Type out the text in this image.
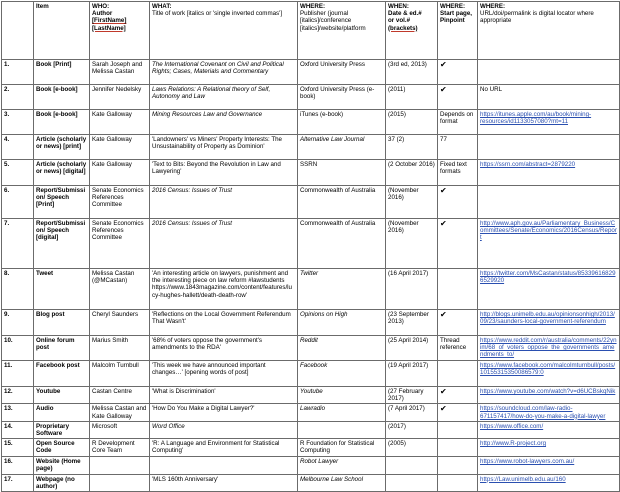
	Item	WHO:
Author
[FirstName]
[LastName]	WHAT:
Title of work [italics or 'single inverted commas']	WHERE:
Publisher (journal [italics]/conference [italics]/website/platform	WHEN:
Date & ed.#
or vol.#
(brackets)	WHERE:
Start page,
Pinpoint	WHERE:
URL/doi/permalink is digital locator where appropriate

1.	Book [Print]	Sarah Joseph and Melissa Castan	The International Covenant on Civil and Political Rights; Cases, Materials and Commentary	Oxford University Press	(3rd ed, 2013)	✔	
2.	Book [e-book]	Jennifer Nedelsky	Laws Relations: A Relational theory of Self, Autonomy and Law	Oxford University Press (e-book)	(2011)	✔	No URL
3.	Book [e-book]	Kate Galloway	Mining Resources Law and Governance	iTunes (e-book)	(2015)	Depends on format	https://itunes.apple.com/au/book/mining-resources/id1133057080?mt=11
4.	Article (scholarly or news) [print]	Kate Galloway	'Landowners' vs Miners' Property Interests: The Unsustainability of Property as Dominion'	Alternative Law Journal	37 (2)	77	
5.	Article (scholarly or news) [digital]	Kate Galloway	'Text to Bits: Beyond the Revolution in Law and Lawyering'	SSRN	(2 October 2016)	Fixed text formats	https://ssrn.com/abstract=2879220
6.	Report/Submission/ Speech [Print]	Senate Economics References Committee	2016 Census: Issues of Trust	Commonwealth of Australia	(November 2016)	✔	
7.	Report/Submission/ Speech [digital]	Senate Economics References Committee	2016 Census: Issues of Trust	Commonwealth of Australia	(November 2016)	✔	http://www.aph.gov.au/Parliamentary_Business/Committees/Senate/Economics/2016Census/Report
8.	Tweet	Melissa Castan (@MCastan)	'An interesting article on lawyers, punishment and the interesting piece on law reform #lawstudents https://www.1843magazine.com/content/features/lucy-hughes-hallett/death-death-row'	Twitter	(16 April 2017)		https://twitter.com/MsCastan/status/853396168296529920
9.	Blog post	Cheryl Saunders	'Reflections on the Local Government Referendum That Wasn't'	Opinions on High	(23 September 2013)	✔	http://blogs.unimelb.edu.au/opinionsonhigh/2013/09/23/saunders-local-government-referendum
10.	Online forum post	Marius Smith	'68% of voters oppose the government's amendments to the RDA'	Reddit	(25 April 2014)	Thread reference	https://www.reddit.com/r/australia/comments/22ynim/68_of_voters_oppose_the_governments_amendments_to/
11.	Facebook post	Malcolm Turnbull	'This week we have announced important changes…' [opening words of post]	Facebook	(19 April 2017)		https://www.facebook.com/malcolmturnbull/posts/10155315350086579:0
12.	Youtube	Castan Centre	'What is Discrimination'	Youtube	(27 February 2017)	✔	https://www.youtube.com/watch?v=d6UCBskqNik
13.	Audio	Melissa Castan and Kate Galloway	'How Do You Make a Digital Lawyer?'	Lawradio	(7 April 2017)	✔	https://soundcloud.com/law-radio-671157417/how-do-you-make-a-digital-lawyer
14.	Proprietary Software	Microsoft	Word Office		(2017)		https://www.office.com/
15.	Open Source Code	R Development Core Team	'R: A Language and Environment for Statistical Computing'	R Foundation for Statistical Computing	(2005)		http://www.R-project.org
16.	Website (Home page)			Robot Lawyer			https://www.robot-lawyers.com.au/
17.	Webpage (no author)		'MLS 160th Anniversary'	Melbourne Law School			https://Law.unimelb.edu.au/160
